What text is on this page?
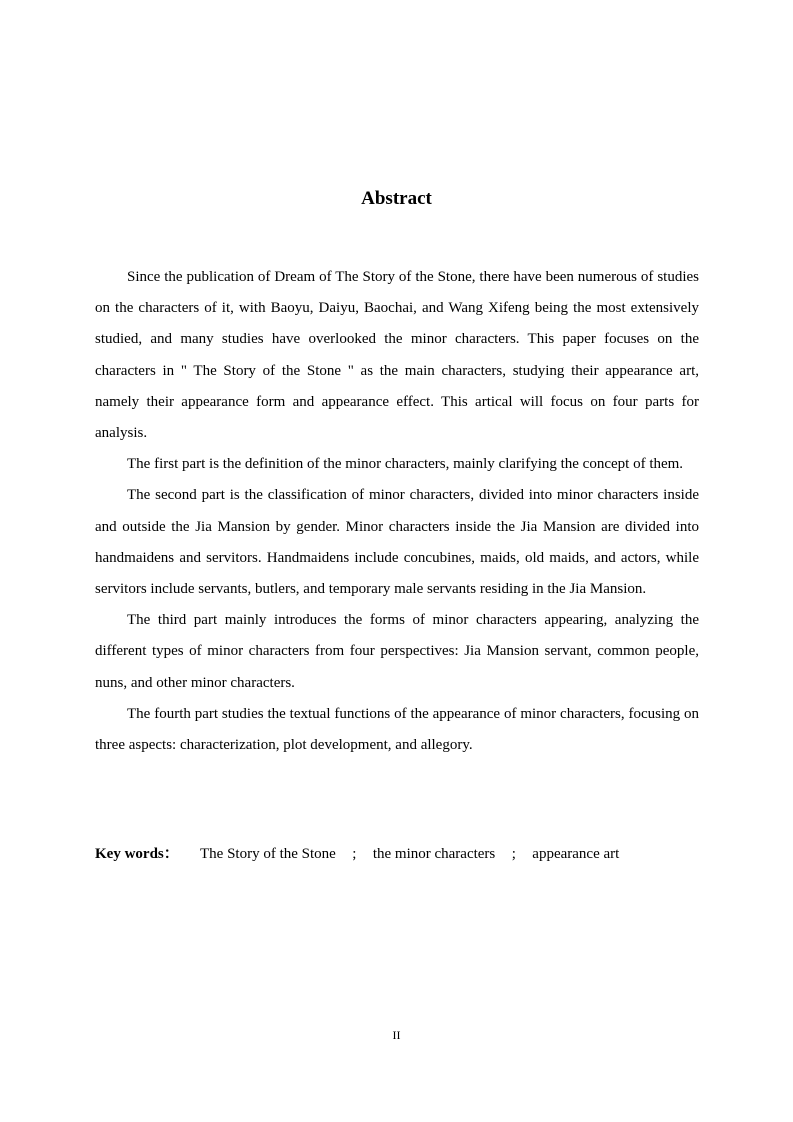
Abstract

Since the publication of Dream of The Story of the Stone, there have been numerous of studies on the characters of it, with Baoyu, Daiyu, Baochai, and Wang Xifeng being the most extensively studied, and many studies have overlooked the minor characters. This paper focuses on the characters in " The Story of the Stone " as the main characters, studying their appearance art, namely their appearance form and appearance effect. This artical will focus on four parts for analysis.

The first part is the definition of the minor characters, mainly clarifying the concept of them.

The second part is the classification of minor characters, divided into minor characters inside and outside the Jia Mansion by gender. Minor characters inside the Jia Mansion are divided into handmaidens and servitors. Handmaidens include concubines, maids, old maids, and actors, while servitors include servants, butlers, and temporary male servants residing in the Jia Mansion.

The third part mainly introduces the forms of minor characters appearing, analyzing the different types of minor characters from four perspectives: Jia Mansion servant, common people, nuns, and other minor characters.

The fourth part studies the textual functions of the appearance of minor characters, focusing on three aspects: characterization, plot development, and allegory.

Key words： The Story of the Stone ; the minor characters ; appearance art
II
